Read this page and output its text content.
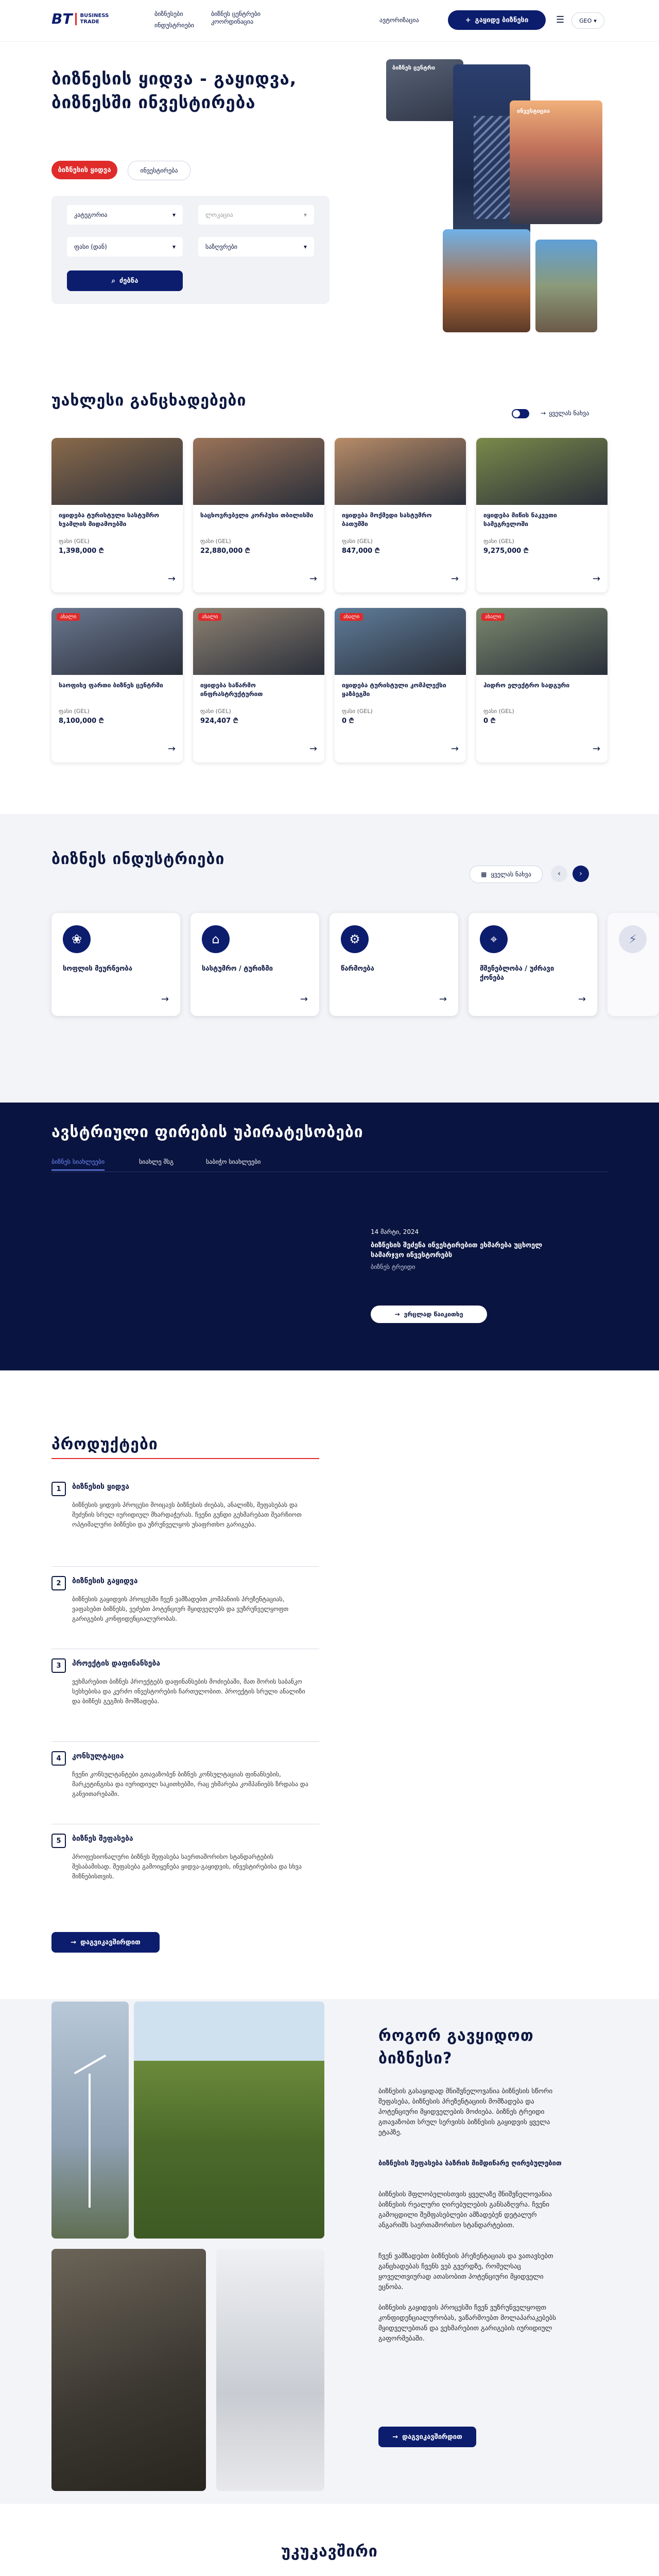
BT BUSINESS
TRADE
ბიზნესები	ბიზნეს ცენტრები
კოორდინაცია
ინდუსტრიები
ავტორიზაცია	+ გაყიდე ბიზნესი	☰	GEO ▾
ბიზნესის ყიდვა - გაყიდვა, ბიზნესში ინვესტირება
ბიზნესის ყიდვა	ინვესტირება
კატეგორია	▾	ლოკაცია	▾
ფასი (დან)	▾	საზღვრები	▾
⌕ ძებნა
ბიზნეს ცენტრი
ინვესტიცია
უახლესი განცხადებები
→ ყველას ნახვა
იყიდება ტურისტული სასტუმრო ხვამლის მიდამოებში
ფასი (GEL)
1,398,000 ₾
→
საცხოვრებელი კორპუსი თბილისში
ფასი (GEL)
22,880,000 ₾
→
იყიდება მოქმედი სასტუმრო ბათუმში
ფასი (GEL)
847,000 ₾
→
იყიდება მიწის ნაკვეთი სამეგრელოში
ფასი (GEL)
9,275,000 ₾
→
ახალი
საოფისე ფართი ბიზნეს ცენტრში
ფასი (GEL)
8,100,000 ₾
→
ახალი
იყიდება საწარმო ინფრასტრუქტურით
ფასი (GEL)
924,407 ₾
→
ახალი
იყიდება ტურისტული კომპლექსი ყაზბეგში
ფასი (GEL)
0 ₾
→
ახალი
ჰიდრო ელექტრო სადგური
ფასი (GEL)
0 ₾
→
ბიზნეს ინდუსტრიები
▦ ყველას ნახვა	‹	›
❀
სოფლის მეურნეობა
→
⌂
სასტუმრო / ტურიზმი
→
⚙
წარმოება
→
⌖
მშენებლობა / უძრავი ქონება
→
⚡
ავსტრიული ფირების უპირატესობები
ბიზნეს სიახლეები	სიახლე მსგ	საბიჭო სიახლეები
14 მარტი, 2024
ბიზნესის შეძენა ინვესტირებით ეხმარება უცხოელ სამარჯვო ინვესტორებს
ბიზნეს ტრეიდი
→ ვრცლად წაიკითხე
პროდუქტები
1	ბიზნესის ყიდვა
ბიზნესის ყიდვის პროცესი მოიცავს ბიზნესის ძიებას, ანალიზს, შეფასებას და შეძენის სრულ იურიდიულ მხარდაჭერას. ჩვენი გუნდი გეხმარებათ შეარჩიოთ ოპტიმალური ბიზნესი და უზრუნველყოს უსაფრთხო გარიგება.
2	ბიზნესის გაყიდვა
ბიზნესის გაყიდვის პროცესში ჩვენ ვამზადებთ კომპანიის პრეზენტაციას, ვაფასებთ ბიზნესს, ვეძებთ პოტენციურ მყიდველებს და ვუზრუნველყოფთ გარიგების კონფიდენციალურობას.
3	პროექტის დაფინანსება
ვეხმარებით ბიზნეს პროექტებს დაფინანსების მოძიებაში, მათ შორის საბანკო სესხებისა და კერძო ინვესტორების ჩართულობით. პროექტის სრული ანალიზი და ბიზნეს გეგმის მომზადება.
4	კონსულტაცია
ჩვენი კონსულტანტები გთავაზობენ ბიზნეს კონსულტაციას ფინანსების, მარკეტინგისა და იურიდიულ საკითხებში, რაც ეხმარება კომპანიებს ზრდასა და განვითარებაში.
5	ბიზნეს შეფასება
პროფესიონალური ბიზნეს შეფასება საერთაშორისო სტანდარტების შესაბამისად. შეფასება გამოიყენება ყიდვა-გაყიდვის, ინვესტირებისა და სხვა მიზნებისთვის.
→ დაგვიკავშირდით
როგორ გავყიდოთ ბიზნესი?
ბიზნესის გასაყიდად მნიშვნელოვანია ბიზნესის სწორი შეფასება, ბიზნესის პრეზენტაციის მომზადება და პოტენციური მყიდველების მოძიება. ბიზნეს ტრეიდი გთავაზობთ სრულ სერვისს ბიზნესის გაყიდვის ყველა ეტაპზე.
ბიზნესის შეფასება ბაზრის მიმდინარე ღირებულებით
ბიზნესის მფლობელისთვის ყველაზე მნიშვნელოვანია ბიზნესის რეალური ღირებულების განსაზღვრა. ჩვენი გამოცდილი შემფასებლები ამზადებენ დეტალურ ანგარიშს საერთაშორისო სტანდარტებით.
ჩვენ ვამზადებთ ბიზნესის პრეზენტაციას და ვათავსებთ განცხადებას ჩვენს ვებ გვერდზე, რომელსაც ყოველთვიურად ათასობით პოტენციური მყიდველი ეცნობა.
ბიზნესის გაყიდვის პროცესში ჩვენ ვუზრუნველყოფთ კონფიდენციალურობას, ვაწარმოებთ მოლაპარაკებებს მყიდველებთან და ვეხმარებით გარიგების იურიდიულ გაფორმებაში.
→ დაგვიკავშირდით
უკუკავშირი
